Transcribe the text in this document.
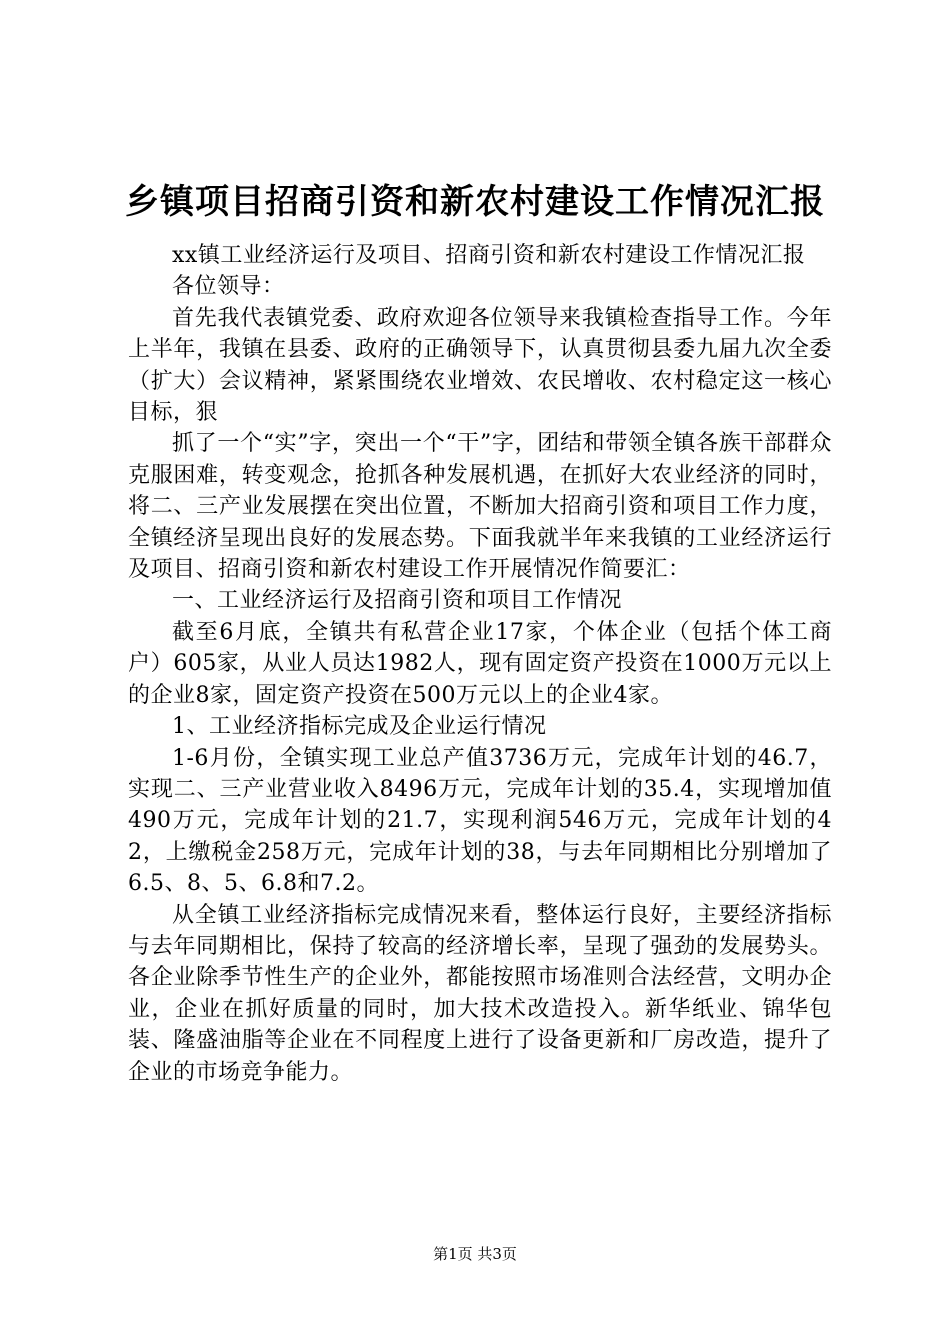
乡镇项目招商引资和新农村建设工作情况汇报

xx镇工业经济运行及项目、招商引资和新农村建设工作情况汇报

各位领导：

首先我代表镇党委、政府欢迎各位领导来我镇检查指导工作。今年上半年，我镇在县委、政府的正确领导下，认真贯彻县委九届九次全委（扩大）会议精神，紧紧围绕农业增效、农民增收、农村稳定这一核心目标，狠

抓了一个“实”字，突出一个“干”字，团结和带领全镇各族干部群众克服困难，转变观念，抢抓各种发展机遇，在抓好大农业经济的同时，将二、三产业发展摆在突出位置，不断加大招商引资和项目工作力度，全镇经济呈现出良好的发展态势。下面我就半年来我镇的工业经济运行及项目、招商引资和新农村建设工作开展情况作简要汇：

一、工业经济运行及招商引资和项目工作情况

截至6月底，全镇共有私营企业17家，个体企业（包括个体工商户）605家，从业人员达1982人，现有固定资产投资在1000万元以上的企业8家，固定资产投资在500万元以上的企业4家。

1、工业经济指标完成及企业运行情况

1-6月份，全镇实现工业总产值3736万元，完成年计划的46.7，实现二、三产业营业收入8496万元，完成年计划的35.4，实现增加值490万元，完成年计划的21.7，实现利润546万元，完成年计划的42，上缴税金258万元，完成年计划的38，与去年同期相比分别增加了6.5、8、5、6.8和7.2。

从全镇工业经济指标完成情况来看，整体运行良好，主要经济指标与去年同期相比，保持了较高的经济增长率，呈现了强劲的发展势头。各企业除季节性生产的企业外，都能按照市场准则合法经营，文明办企业，企业在抓好质量的同时，加大技术改造投入。新华纸业、锦华包装、隆盛油脂等企业在不同程度上进行了设备更新和厂房改造，提升了企业的市场竞争能力。

第1页 共3页
